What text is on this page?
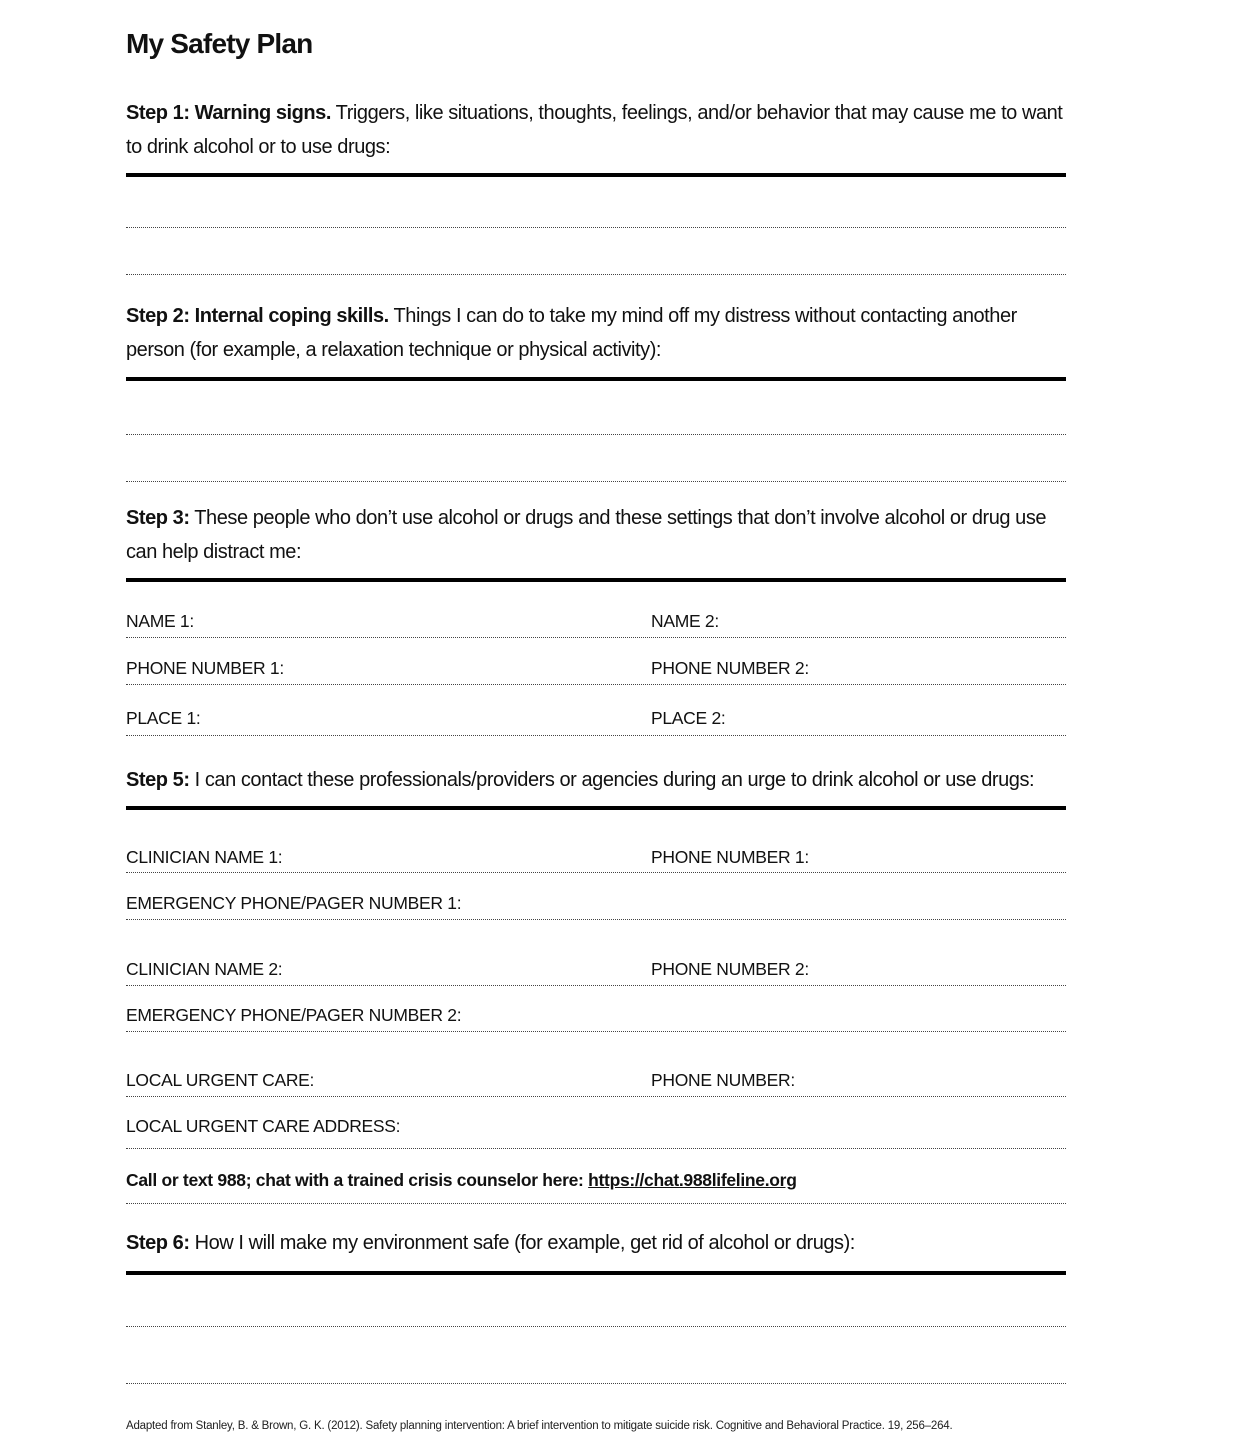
My Safety Plan
Step 1: Warning signs. Triggers, like situations, thoughts, feelings, and/or behavior that may cause me to want to drink alcohol or to use drugs:
Step 2: Internal coping skills. Things I can do to take my mind off my distress without contacting another person (for example, a relaxation technique or physical activity):
Step 3: These people who don’t use alcohol or drugs and these settings that don’t involve alcohol or drug use can help distract me:
NAME 1:	NAME 2:
PHONE NUMBER 1:	PHONE NUMBER 2:
PLACE 1:	PLACE 2:
Step 5: I can contact these professionals/providers or agencies during an urge to drink alcohol or use drugs:
CLINICIAN NAME 1:	PHONE NUMBER 1:
EMERGENCY PHONE/PAGER NUMBER 1:
CLINICIAN NAME 2:	PHONE NUMBER 2:
EMERGENCY PHONE/PAGER NUMBER 2:
LOCAL URGENT CARE:	PHONE NUMBER:
LOCAL URGENT CARE ADDRESS:
Call or text 988; chat with a trained crisis counselor here: https://chat.988lifeline.org
Step 6: How I will make my environment safe (for example, get rid of alcohol or drugs):
Adapted from Stanley, B. & Brown, G. K. (2012). Safety planning intervention: A brief intervention to mitigate suicide risk. Cognitive and Behavioral Practice. 19, 256–264.
